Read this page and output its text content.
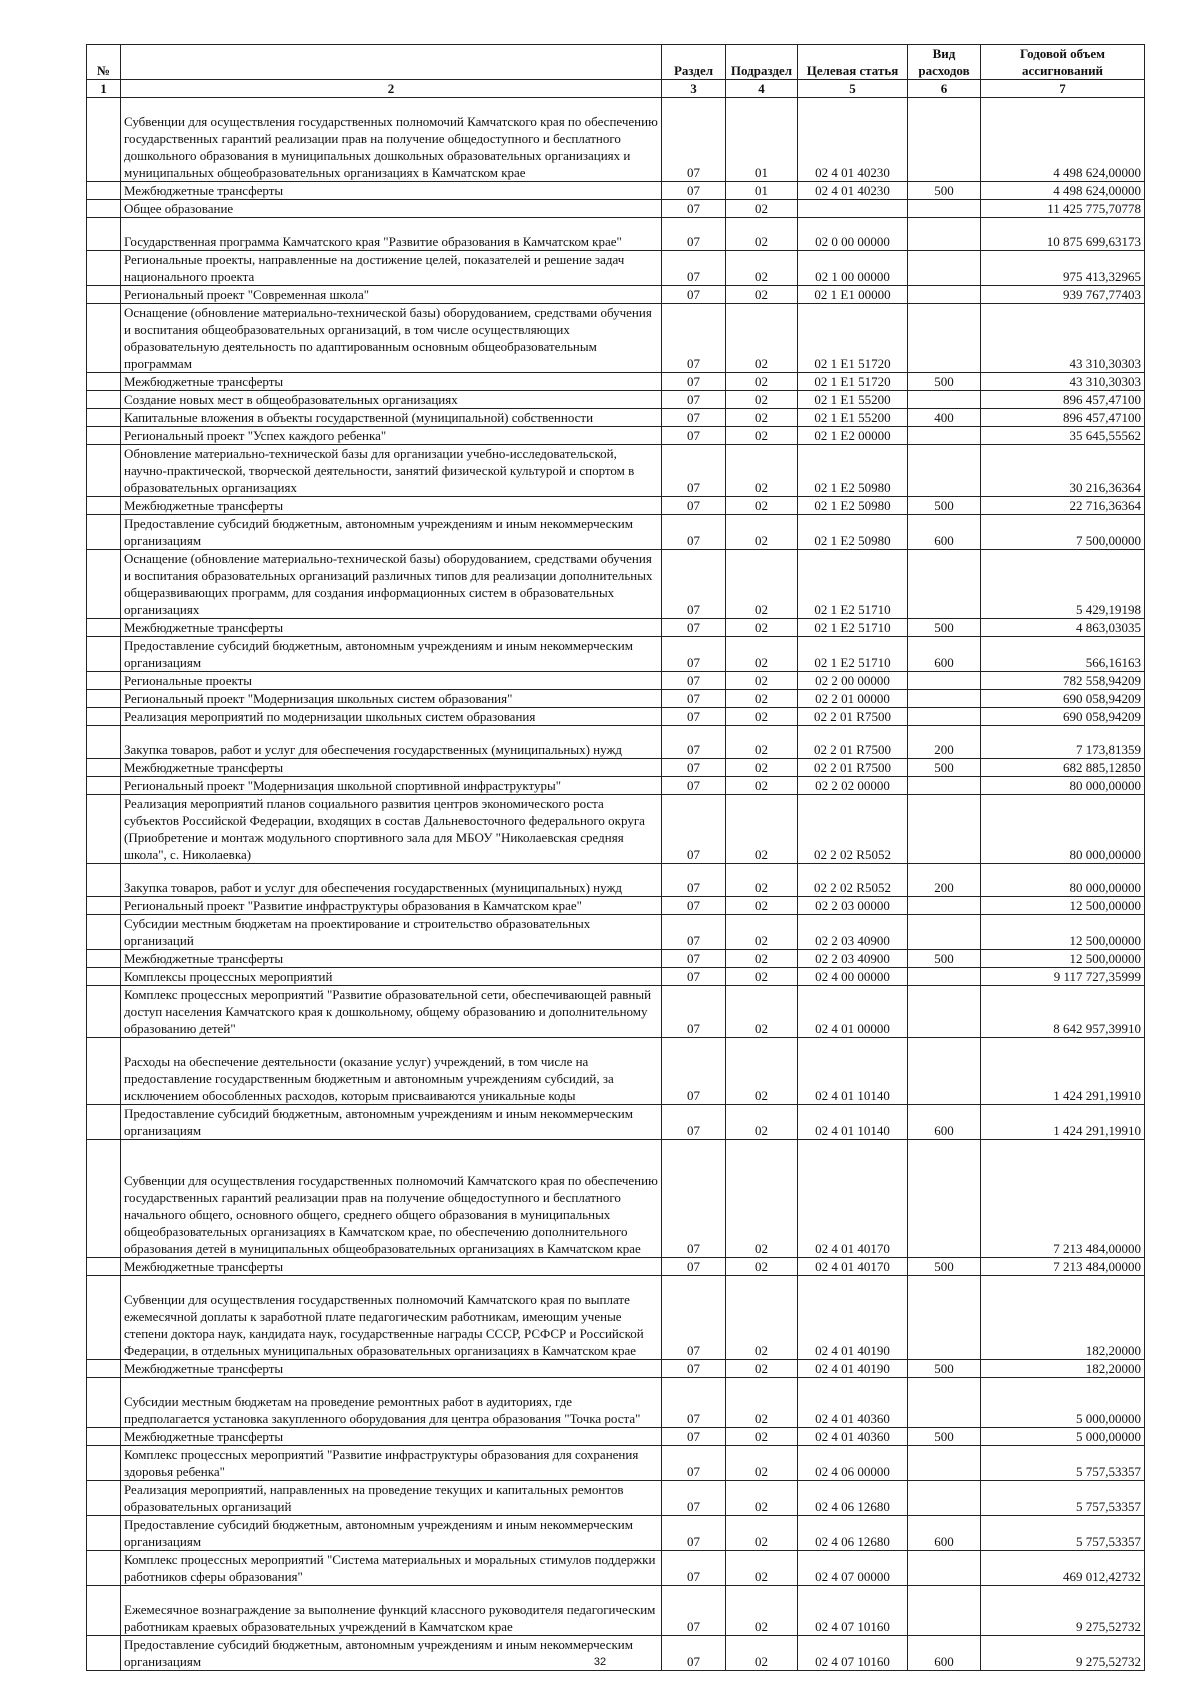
№		Раздел	Подраздел	Целевая статья	Вид расходов	Годовой объем ассигнований
1	2	3	4	5	6	7
	Субвенции для осуществления государственных полномочий Камчатского края по обеспечению государственных гарантий реализации прав на получение общедоступного и бесплатного дошкольного образования в муниципальных дошкольных образовательных организациях и муниципальных общеобразовательных организациях в Камчатском крае	07	01	02 4 01 40230		4 498 624,00000
	Межбюджетные трансферты	07	01	02 4 01 40230	500	4 498 624,00000
	Общее образование	07	02			11 425 775,70778
	Государственная программа Камчатского края "Развитие образования в Камчатском крае"	07	02	02 0 00 00000		10 875 699,63173
	Региональные проекты, направленные на достижение целей, показателей и решение задач национального проекта	07	02	02 1 00 00000		975 413,32965
	Региональный проект "Современная школа"	07	02	02 1 E1 00000		939 767,77403
	Оснащение (обновление материально-технической базы) оборудованием, средствами обучения и воспитания общеобразовательных организаций, в том числе осуществляющих образовательную деятельность по адаптированным основным общеобразовательным программам	07	02	02 1 E1 51720		43 310,30303
	Межбюджетные трансферты	07	02	02 1 E1 51720	500	43 310,30303
	Создание новых мест в общеобразовательных организациях	07	02	02 1 E1 55200		896 457,47100
	Капитальные вложения в объекты государственной (муниципальной) собственности	07	02	02 1 E1 55200	400	896 457,47100
	Региональный проект "Успех каждого ребенка"	07	02	02 1 E2 00000		35 645,55562
	Обновление материально-технической базы для организации учебно-исследовательской, научно-практической, творческой деятельности, занятий физической культурой и спортом в образовательных организациях	07	02	02 1 E2 50980		30 216,36364
	Межбюджетные трансферты	07	02	02 1 E2 50980	500	22 716,36364
	Предоставление субсидий бюджетным, автономным учреждениям и иным некоммерческим организациям	07	02	02 1 E2 50980	600	7 500,00000
	Оснащение (обновление материально-технической базы) оборудованием, средствами обучения и воспитания образовательных организаций различных типов для реализации дополнительных общеразвивающих программ, для создания информационных систем в образовательных организациях	07	02	02 1 E2 51710		5 429,19198
	Межбюджетные трансферты	07	02	02 1 E2 51710	500	4 863,03035
	Предоставление субсидий бюджетным, автономным учреждениям и иным некоммерческим организациям	07	02	02 1 E2 51710	600	566,16163
	Региональные проекты	07	02	02 2 00 00000		782 558,94209
	Региональный проект "Модернизация школьных систем образования"	07	02	02 2 01 00000		690 058,94209
	Реализация мероприятий по модернизации школьных систем образования	07	02	02 2 01 R7500		690 058,94209
	Закупка товаров, работ и услуг для обеспечения государственных (муниципальных) нужд	07	02	02 2 01 R7500	200	7 173,81359
	Межбюджетные трансферты	07	02	02 2 01 R7500	500	682 885,12850
	Региональный проект "Модернизация школьной спортивной инфраструктуры"	07	02	02 2 02 00000		80 000,00000
	Реализация мероприятий планов социального развития центров экономического роста субъектов Российской Федерации, входящих в состав Дальневосточного федерального округа (Приобретение и монтаж модульного спортивного зала для МБОУ "Николаевская средняя школа", с. Николаевка)	07	02	02 2 02 R5052		80 000,00000
	Закупка товаров, работ и услуг для обеспечения государственных (муниципальных) нужд	07	02	02 2 02 R5052	200	80 000,00000
	Региональный проект "Развитие инфраструктуры образования в Камчатском крае"	07	02	02 2 03 00000		12 500,00000
	Субсидии местным бюджетам на проектирование и строительство образовательных организаций	07	02	02 2 03 40900		12 500,00000
	Межбюджетные трансферты	07	02	02 2 03 40900	500	12 500,00000
	Комплексы процессных мероприятий	07	02	02 4 00 00000		9 117 727,35999
	Комплекс процессных мероприятий "Развитие образовательной сети, обеспечивающей равный доступ населения Камчатского края к дошкольному, общему образованию и дополнительному образованию детей"	07	02	02 4 01 00000		8 642 957,39910
	Расходы на обеспечение деятельности (оказание услуг) учреждений, в том числе на предоставление государственным бюджетным и автономным учреждениям субсидий, за исключением обособленных расходов, которым присваиваются уникальные коды	07	02	02 4 01 10140		1 424 291,19910
	Предоставление субсидий бюджетным, автономным учреждениям и иным некоммерческим организациям	07	02	02 4 01 10140	600	1 424 291,19910
	Субвенции для осуществления государственных полномочий Камчатского края по обеспечению государственных гарантий реализации прав на получение общедоступного и бесплатного начального общего, основного общего, среднего общего образования в муниципальных общеобразовательных организациях в Камчатском крае, по обеспечению дополнительного образования детей в муниципальных общеобразовательных организациях в Камчатском крае	07	02	02 4 01 40170		7 213 484,00000
	Межбюджетные трансферты	07	02	02 4 01 40170	500	7 213 484,00000
	Субвенции для осуществления государственных полномочий Камчатского края по выплате ежемесячной доплаты к заработной плате педагогическим работникам, имеющим ученые степени доктора наук, кандидата наук, государственные награды СССР, РСФСР и Российской Федерации, в отдельных муниципальных образовательных организациях в Камчатском крае	07	02	02 4 01 40190		182,20000
	Межбюджетные трансферты	07	02	02 4 01 40190	500	182,20000
	Субсидии местным бюджетам на проведение ремонтных работ в аудиториях, где предполагается установка закупленного оборудования для центра образования "Точка роста"	07	02	02 4 01 40360		5 000,00000
	Межбюджетные трансферты	07	02	02 4 01 40360	500	5 000,00000
	Комплекс процессных мероприятий "Развитие инфраструктуры образования для сохранения здоровья ребенка"	07	02	02 4 06 00000		5 757,53357
	Реализация мероприятий, направленных на проведение текущих и капитальных ремонтов образовательных организаций	07	02	02 4 06 12680		5 757,53357
	Предоставление субсидий бюджетным, автономным учреждениям и иным некоммерческим организациям	07	02	02 4 06 12680	600	5 757,53357
	Комплекс процессных мероприятий "Система материальных и моральных стимулов поддержки работников сферы образования"	07	02	02 4 07 00000		469 012,42732
	Ежемесячное вознаграждение за выполнение функций классного руководителя педагогическим работникам краевых образовательных учреждений в Камчатском крае	07	02	02 4 07 10160		9 275,52732
	Предоставление субсидий бюджетным, автономным учреждениям и иным некоммерческим организациям	07	02	02 4 07 10160	600	9 275,52732
32
